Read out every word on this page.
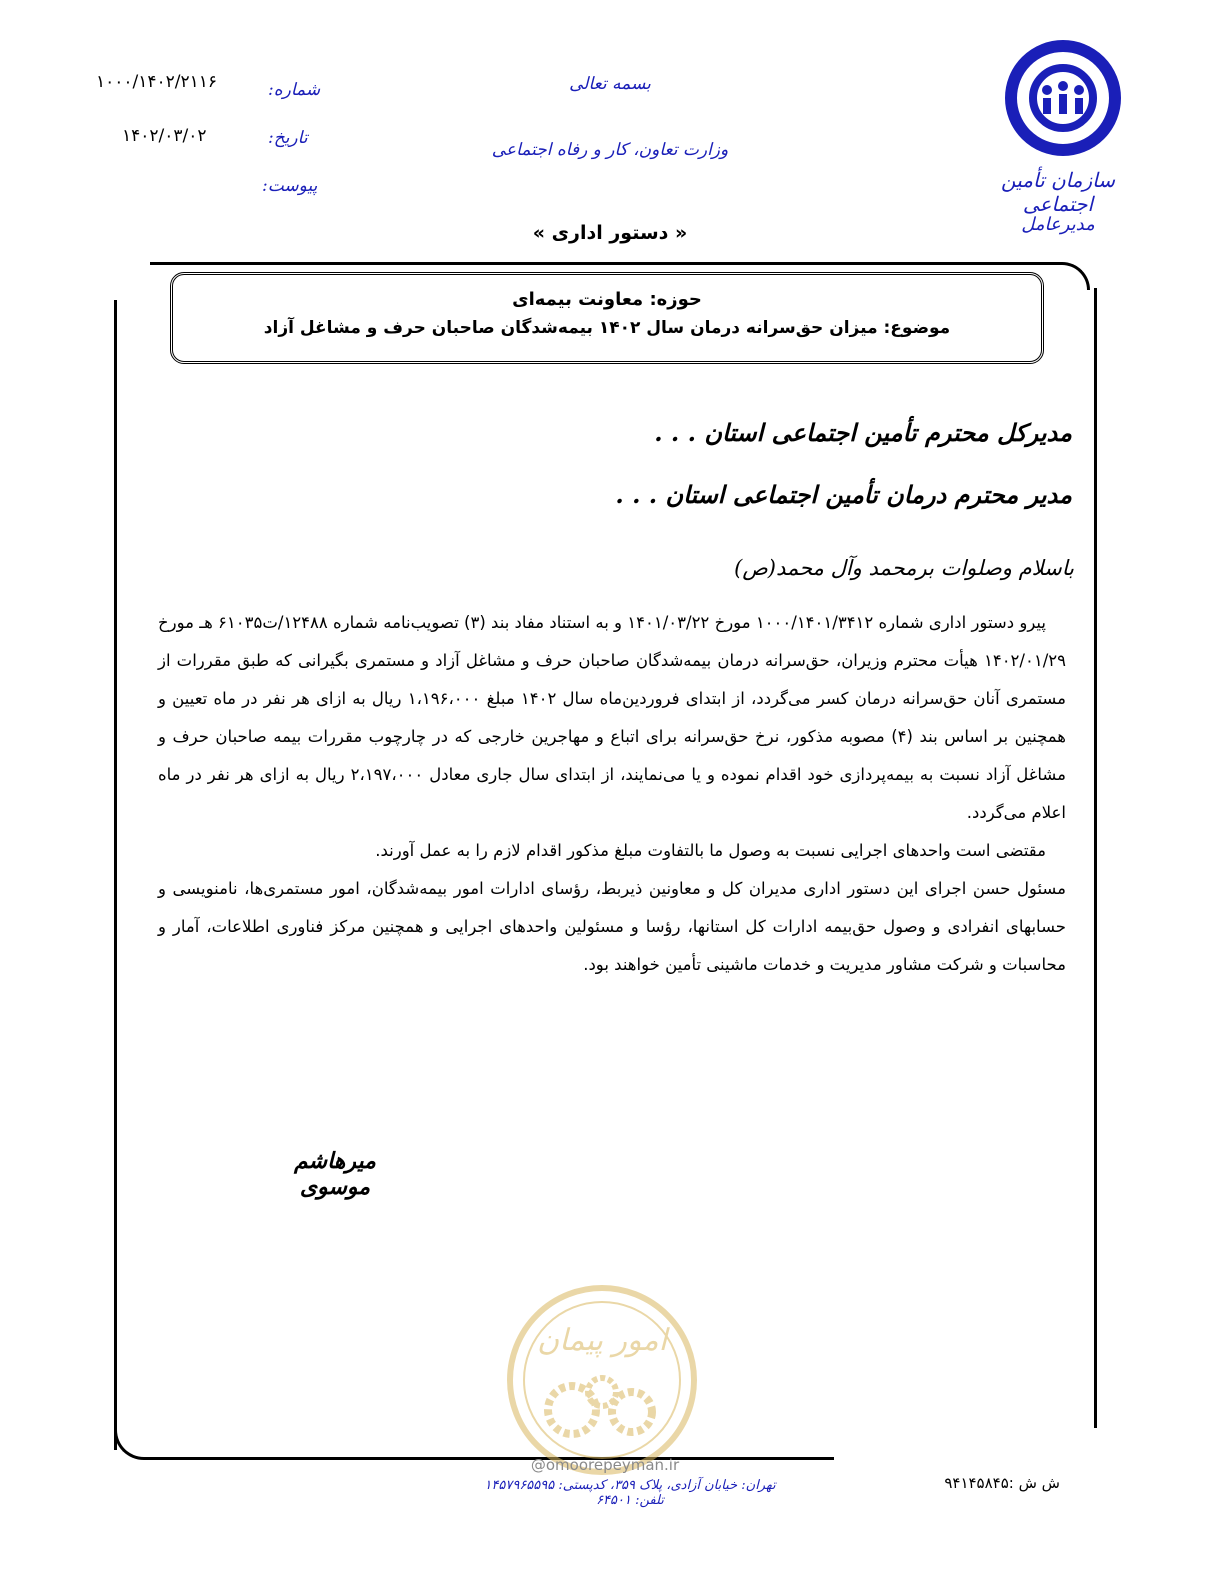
سازمان تأمین اجتماعی
مدیرعامل
بسمه تعالی
وزارت تعاون، کار و رفاه اجتماعی
« دستور اداری »
شماره:
۱۰۰۰/۱۴۰۲/۲۱۱۶
تاریخ:
۱۴۰۲/۰۳/۰۲
پیوست:
حوزه: معاونت بیمه‌ای
موضوع: میزان حق‌سرانه درمان سال ۱۴۰۲ بیمه‌شدگان صاحبان حرف و مشاغل آزاد
مدیرکل محترم تأمین اجتماعی استان . . .
مدیر محترم درمان تأمین اجتماعی استان . . .
باسلام وصلوات برمحمد وآل محمد(ص)

پیرو دستور اداری شماره ۱۰۰۰/۱۴۰۱/۳۴۱۲ مورخ ۱۴۰۱/۰۳/۲۲ و به استناد مفاد بند (۳) تصویب‌نامه شماره ۱۲۴۸۸/ت۶۱۰۳۵ هـ مورخ ۱۴۰۲/۰۱/۲۹ هیأت محترم وزیران، حق‌سرانه درمان بیمه‌شدگان صاحبان حرف و مشاغل آزاد و مستمری بگیرانی که طبق مقررات از مستمری آنان حق‌سرانه درمان کسر می‌گردد، از ابتدای فروردین‌ماه سال ۱۴۰۲ مبلغ ۱،۱۹۶،۰۰۰ ریال به ازای هر نفر در ماه تعیین و همچنین بر اساس بند (۴) مصوبه مذکور، نرخ حق‌سرانه برای اتباع و مهاجرین خارجی که در چارچوب مقررات بیمه صاحبان حرف و مشاغل آزاد نسبت به بیمه‌پردازی خود اقدام نموده و یا می‌نمایند، از ابتدای سال جاری معادل ۲،۱۹۷،۰۰۰ ریال به ازای هر نفر در ماه اعلام می‌گردد.

مقتضی است واحدهای اجرایی نسبت به وصول ما بالتفاوت مبلغ مذکور اقدام لازم را به عمل آورند.

مسئول حسن اجرای این دستور اداری مدیران کل و معاونین ذیربط، رؤسای ادارات امور بیمه‌شدگان، امور مستمری‌ها، نامنویسی و حسابهای انفرادی و وصول حق‌بیمه ادارات کل استانها، رؤسا و مسئولین واحدهای اجرایی و همچنین مرکز فناوری اطلاعات، آمار و محاسبات و شرکت مشاور مدیریت و خدمات ماشینی تأمین خواهند بود.

میرهاشم موسوی
امور پیمان
@omoorepeyman.ir
تهران: خیابان آزادی، پلاک ۳۵۹، کدپستی: ۱۴۵۷۹۶۵۵۹۵ تلفن: ۶۴۵۰۱
ش ش :۹۴۱۴۵۸۴۵
